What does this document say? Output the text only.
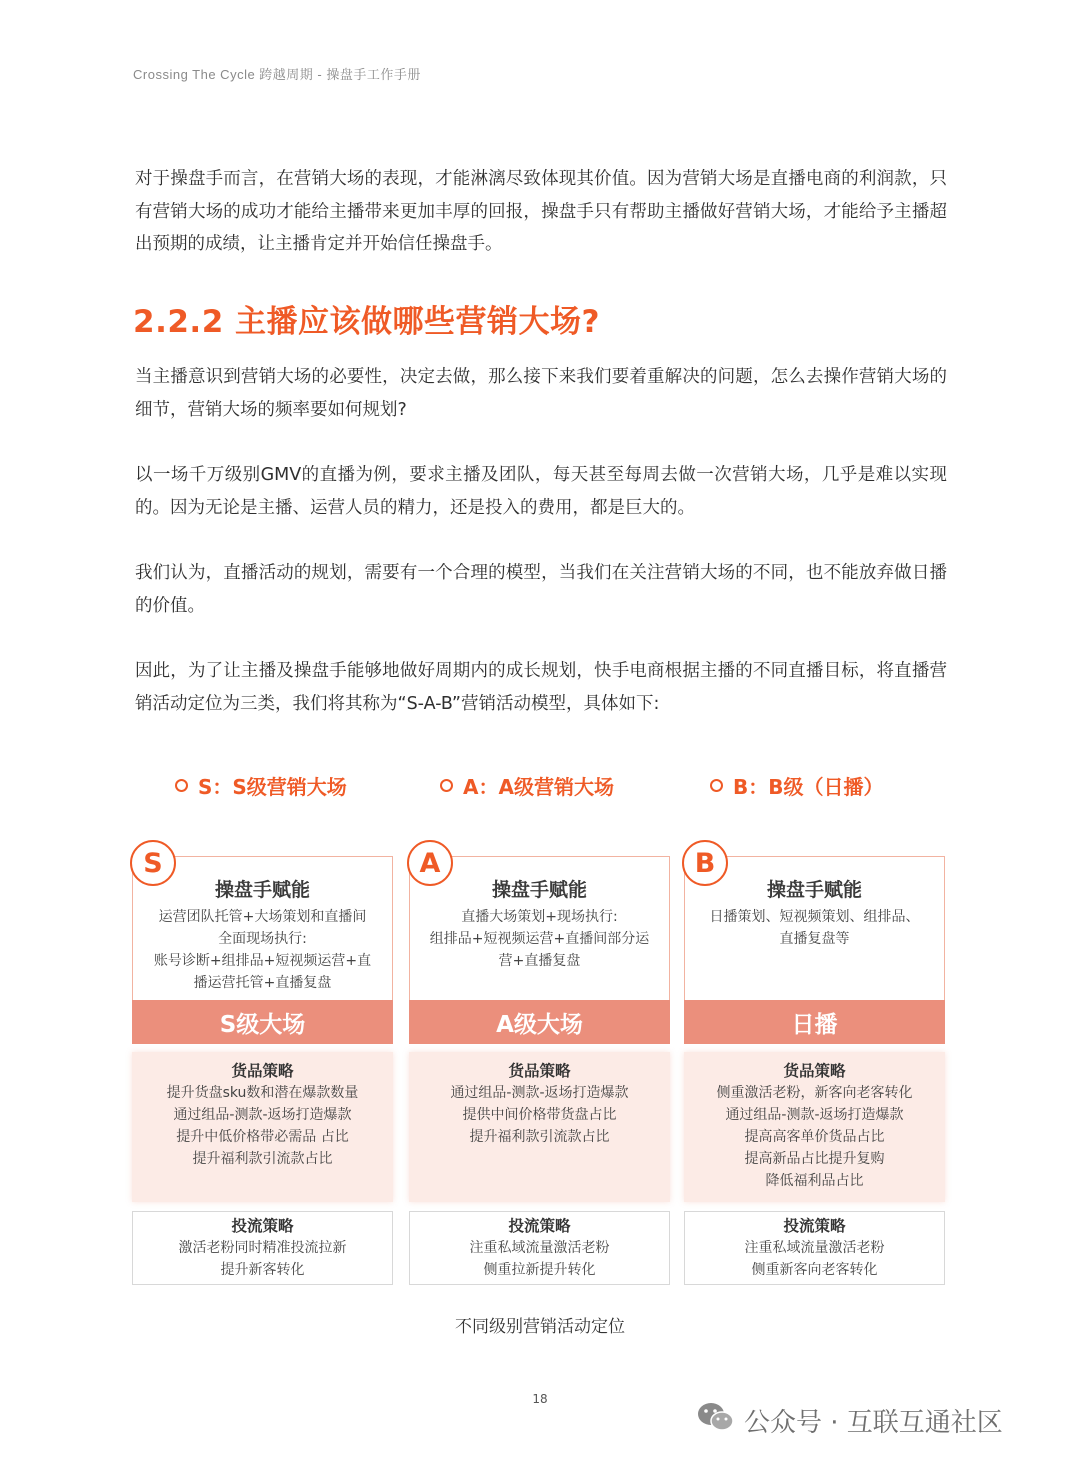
Crossing The Cycle 跨越周期 - 操盘手工作手册

对于操盘手而言，在营销大场的表现，才能淋漓尽致体现其价值。因为营销大场是直播电商的利润款，只有营销大场的成功才能给主播带来更加丰厚的回报，操盘手只有帮助主播做好营销大场，才能给予主播超出预期的成绩，让主播肯定并开始信任操盘手。

2.2.2 主播应该做哪些营销大场?

当主播意识到营销大场的必要性，决定去做，那么接下来我们要着重解决的问题，怎么去操作营销大场的细节，营销大场的频率要如何规划?

以一场千万级别GMV的直播为例，要求主播及团队，每天甚至每周去做一次营销大场，几乎是难以实现的。因为无论是主播、运营人员的精力，还是投入的费用，都是巨大的。

我们认为，直播活动的规划，需要有一个合理的模型，当我们在关注营销大场的不同，也不能放弃做日播的价值。

因此，为了让主播及操盘手能够地做好周期内的成长规划，快手电商根据主播的不同直播目标，将直播营销活动定位为三类，我们将其称为“S-A-B”营销活动模型，具体如下:

S：S级营销大场	A：A级营销大场	B：B级（日播）
S
操盘手赋能
运营团队托管+大场策划和直播间
全面现场执行:
账号诊断+组排品+短视频运营+直
播运营托管+直播复盘
S级大场
货品策略
提升货盘sku数和潜在爆款数量
通过组品-测款-返场打造爆款
提升中低价格带必需品 占比
提升福利款引流款占比
投流策略
激活老粉同时精准投流拉新
提升新客转化
A
操盘手赋能
直播大场策划+现场执行:
组排品+短视频运营+直播间部分运
营+直播复盘
A级大场
货品策略
通过组品-测款-返场打造爆款
提供中间价格带货盘占比
提升福利款引流款占比
投流策略
注重私域流量激活老粉
侧重拉新提升转化
B
操盘手赋能
日播策划、短视频策划、组排品、
直播复盘等
日播
货品策略
侧重激活老粉，新客向老客转化
通过组品-测款-返场打造爆款
提高高客单价货品占比
提高新品占比提升复购
降低福利品占比
投流策略
注重私域流量激活老粉
侧重新客向老客转化
不同级别营销活动定位
18
公众号 · 互联互通社区
